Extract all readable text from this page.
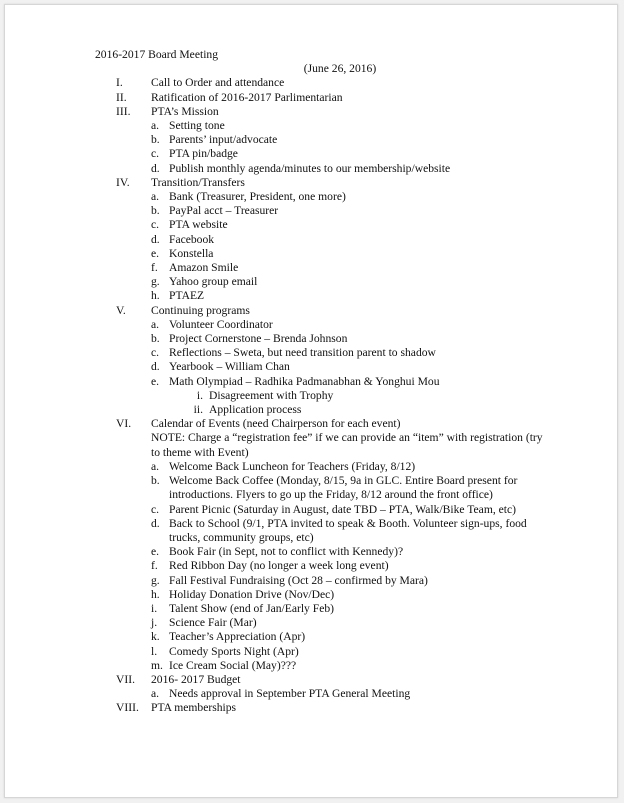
2016-2017 Board Meeting
(June 26, 2016)
I. Call to Order and attendance
II. Ratification of 2016-2017 Parlimentarian
III. PTA’s Mission
a. Setting tone
b. Parents’ input/advocate
c. PTA pin/badge
d. Publish monthly agenda/minutes to our membership/website
IV. Transition/Transfers
a. Bank (Treasurer, President, one more)
b. PayPal acct – Treasurer
c. PTA website
d. Facebook
e. Konstella
f. Amazon Smile
g. Yahoo group email
h. PTAEZ
V. Continuing programs
a. Volunteer Coordinator
b. Project Cornerstone – Brenda Johnson
c. Reflections – Sweta, but need transition parent to shadow
d. Yearbook – William Chan
e. Math Olympiad – Radhika Padmanabhan & Yonghui Mou
i. Disagreement with Trophy
ii. Application process
VI. Calendar of Events (need Chairperson for each event)
NOTE: Charge a “registration fee” if we can provide an “item” with registration (try to theme with Event)
a. Welcome Back Luncheon for Teachers (Friday, 8/12)
b. Welcome Back Coffee (Monday, 8/15, 9a in GLC. Entire Board present for introductions. Flyers to go up the Friday, 8/12 around the front office)
c. Parent Picnic (Saturday in August, date TBD – PTA, Walk/Bike Team, etc)
d. Back to School (9/1, PTA invited to speak & Booth. Volunteer sign-ups, food trucks, community groups, etc)
e. Book Fair (in Sept, not to conflict with Kennedy)?
f. Red Ribbon Day (no longer a week long event)
g. Fall Festival Fundraising (Oct 28 – confirmed by Mara)
h. Holiday Donation Drive (Nov/Dec)
i. Talent Show (end of Jan/Early Feb)
j. Science Fair (Mar)
k. Teacher’s Appreciation (Apr)
l. Comedy Sports Night (Apr)
m. Ice Cream Social (May)???
VII. 2016- 2017 Budget
a. Needs approval in September PTA General Meeting
VIII. PTA memberships
